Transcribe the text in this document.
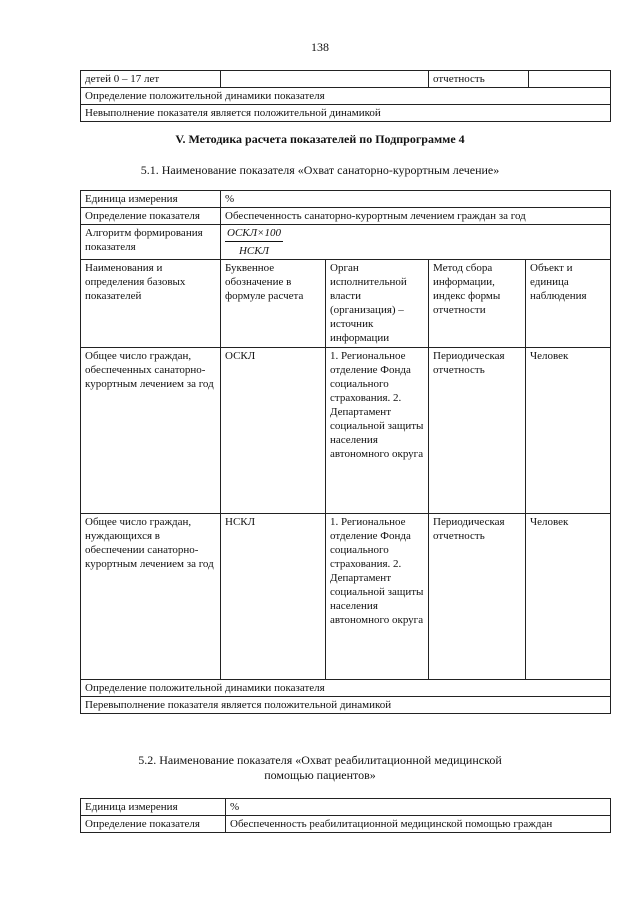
138
детей 0 – 17 лет		отчетность	
Определение положительной динамики показателя
Невыполнение показателя является положительной динамикой
V. Методика расчета показателей по Подпрограмме 4
5.1. Наименование показателя «Охват санаторно-курортным лечение»
Единица измерения	%			
Определение показателя	Обеспеченность санаторно-курортным лечением граждан за год			
Алгоритм формирования показателя	$\frac{\text{ОСКЛ×100}}{\text{НСКЛ}}$

Наименования и определения базовых показателей	Буквенное обозначение в формуле расчета	Орган исполнительной власти (организация) – источник информации	Метод сбора информации, индекс формы отчетности	Объект и единица наблюдения
Общее число граждан, обеспеченных санаторно-курортным лечением за год	ОСКЛ	1. Региональное отделение Фонда социального страхования. 2. Департамент социальной защиты населения автономного округа	Периодическая отчетность	Человек
Общее число граждан, нуждающихся в обеспечении санаторно-курортным лечением за год	НСКЛ	1. Региональное отделение Фонда социального страхования. 2. Департамент социальной защиты населения автономного округа	Периодическая отчетность	Человек
Определение положительной динамики показателя				
Перевыполнение показателя является положительной динамикой				
5.2. Наименование показателя «Охват реабилитационной медицинской
помощью пациентов»
Единица измерения	%
Определение показателя	Обеспеченность реабилитационной медицинской помощью граждан
